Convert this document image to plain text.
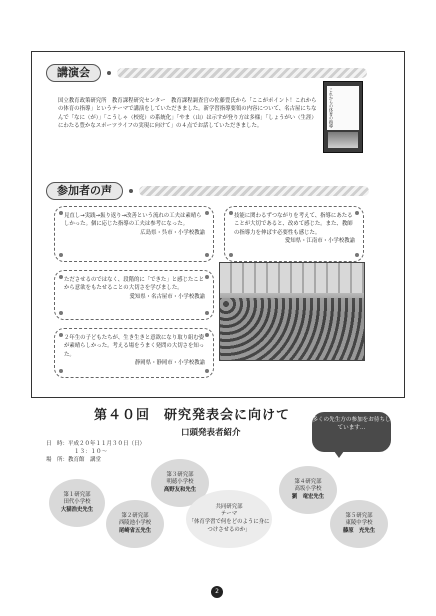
講演会
国立教育政策研究所　教育課程研究センター　教育課程調査官の佐藤豊氏から「ここがポイント！これからの体育の指導」というテーマで講演をしていただきました。新学習指導要領の内容について、名古屋にちなんで「なに（が）」「こうしゃ（校庭）の系統化」「やま（山）は示すが登り方は多様」「しょうがい（生涯）にわたる豊かなスポーツライフの実現に向けて」の４点でお話していただきました。	これからの体育の指導
参加者の声
見直し→実践→振り返り→改善という流れの工夫は素晴らしかった。個に応じた指導の工夫は参考になった。
広島県・呉市・小学校教諭
技能に関わるずつながりを考えて、指導にあたることが大切であると、改めて感じた。また、教師の指導力を伸ばす必要性も感じた。
愛知県・江南市・小学校教諭
たださせるのではなく、段階的に「できた」と感じたことから意欲をもたせることの大切さを学びました。
愛知県・名古屋市・小学校教諭
２年生の子どもたちが、生き生きと意欲になり取り組む姿が素晴らしかった。考える場をうまく発問の大切さを知った。
静岡県・静岡市・小学校教諭
第４０回　研究発表会に向けて
口頭発表者紹介
多くの先生方の参加をお待ちしています…
日　時：平成２０年１１月３０日（日）
１３：１０〜
場　所：教育館　講堂
第１研究部
田代小学校
大猫浩史先生
第２研究部
西陵池小学校
尾崎省五先生
第３研究部
明徳小学校
高野友和先生
共同研究部
テーマ
「体育学習で何をどのように身につけさせるのか」
第４研究部
高坂小学校
劉　竜宏先生
第５研究部
東陵中学校
藤原　充先生
2
